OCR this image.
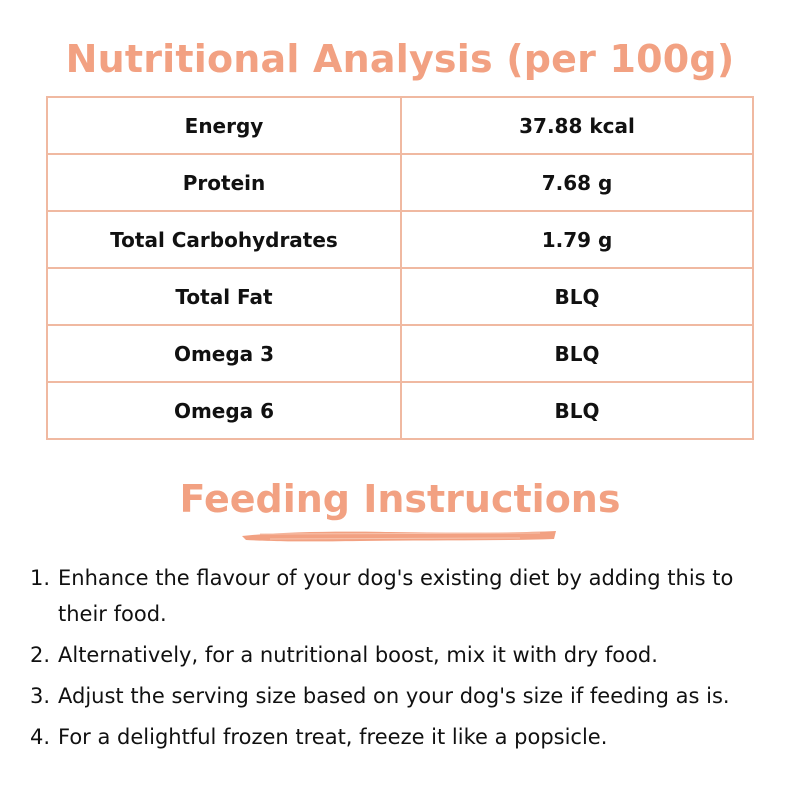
Nutritional Analysis (per 100g)
Energy	37.88 kcal
Protein	7.68 g
Total Carbohydrates	1.79 g
Total Fat	BLQ
Omega 3	BLQ
Omega 6	BLQ
Feeding Instructions
1. Enhance the flavour of your dog's existing diet by adding this to their food.
2. Alternatively, for a nutritional boost, mix it with dry food.
3. Adjust the serving size based on your dog's size if feeding as is.
4. For a delightful frozen treat, freeze it like a popsicle.
